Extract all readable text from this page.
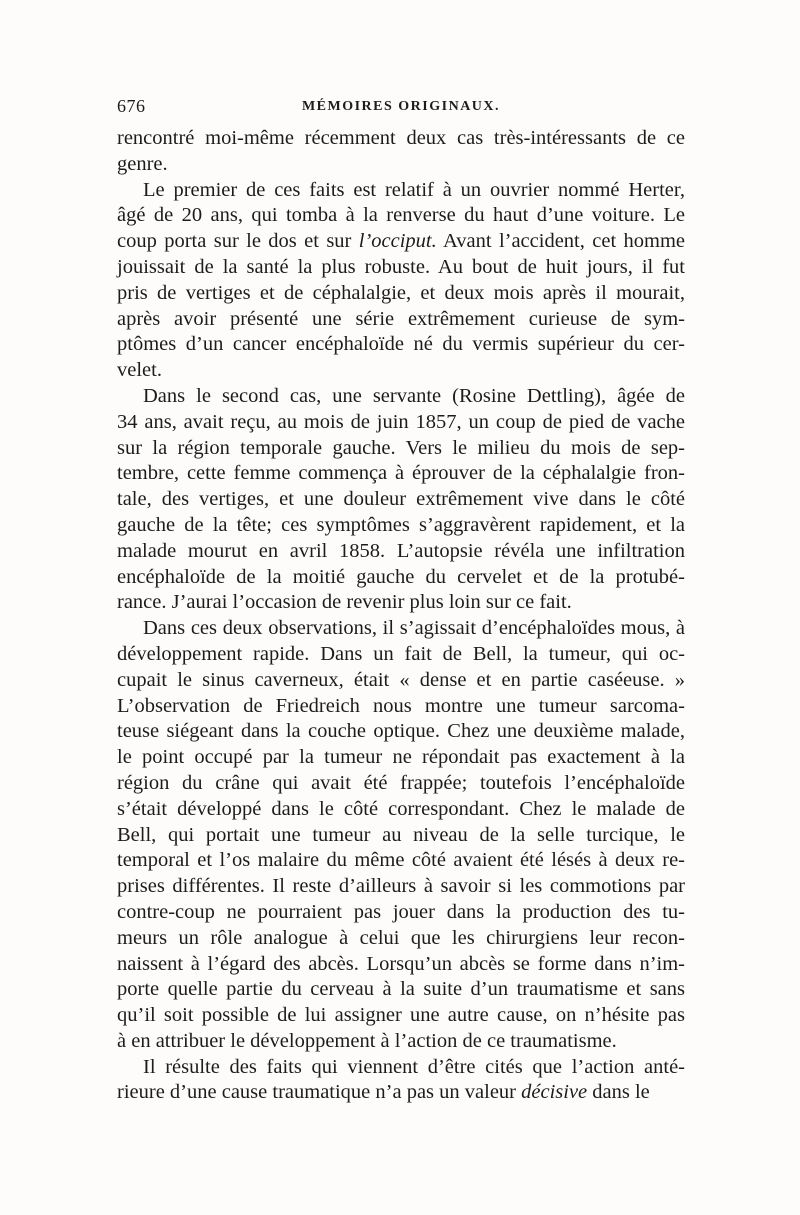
676	MÉMOIRES ORIGINAUX.

rencontré moi-même récemment deux cas très-intéressants de ce
genre.

Le premier de ces faits est relatif à un ouvrier nommé Herter,
âgé de 20 ans, qui tomba à la renverse du haut d’une voiture. Le
coup porta sur le dos et sur l’occiput. Avant l’accident, cet homme
jouissait de la santé la plus robuste. Au bout de huit jours, il fut
pris de vertiges et de céphalalgie, et deux mois après il mourait,
après avoir présenté une série extrêmement curieuse de sym-
ptômes d’un cancer encéphaloïde né du vermis supérieur du cer-
velet.

Dans le second cas, une servante (Rosine Dettling), âgée de
34 ans, avait reçu, au mois de juin 1857, un coup de pied de vache
sur la région temporale gauche. Vers le milieu du mois de sep-
tembre, cette femme commença à éprouver de la céphalalgie fron-
tale, des vertiges, et une douleur extrêmement vive dans le côté
gauche de la tête; ces symptômes s’aggravèrent rapidement, et la
malade mourut en avril 1858. L’autopsie révéla une infiltration
encéphaloïde de la moitié gauche du cervelet et de la protubé-
rance. J’aurai l’occasion de revenir plus loin sur ce fait.

Dans ces deux observations, il s’agissait d’encéphaloïdes mous, à
développement rapide. Dans un fait de Bell, la tumeur, qui oc-
cupait le sinus caverneux, était « dense et en partie caséeuse. »
L’observation de Friedreich nous montre une tumeur sarcoma-
teuse siégeant dans la couche optique. Chez une deuxième malade,
le point occupé par la tumeur ne répondait pas exactement à la
région du crâne qui avait été frappée; toutefois l’encéphaloïde
s’était développé dans le côté correspondant. Chez le malade de
Bell, qui portait une tumeur au niveau de la selle turcique, le
temporal et l’os malaire du même côté avaient été lésés à deux re-
prises différentes. Il reste d’ailleurs à savoir si les commotions par
contre-coup ne pourraient pas jouer dans la production des tu-
meurs un rôle analogue à celui que les chirurgiens leur recon-
naissent à l’égard des abcès. Lorsqu’un abcès se forme dans n’im-
porte quelle partie du cerveau à la suite d’un traumatisme et sans
qu’il soit possible de lui assigner une autre cause, on n’hésite pas
à en attribuer le développement à l’action de ce traumatisme.

Il résulte des faits qui viennent d’être cités que l’action anté-
rieure d’une cause traumatique n’a pas un valeur décisive dans le
